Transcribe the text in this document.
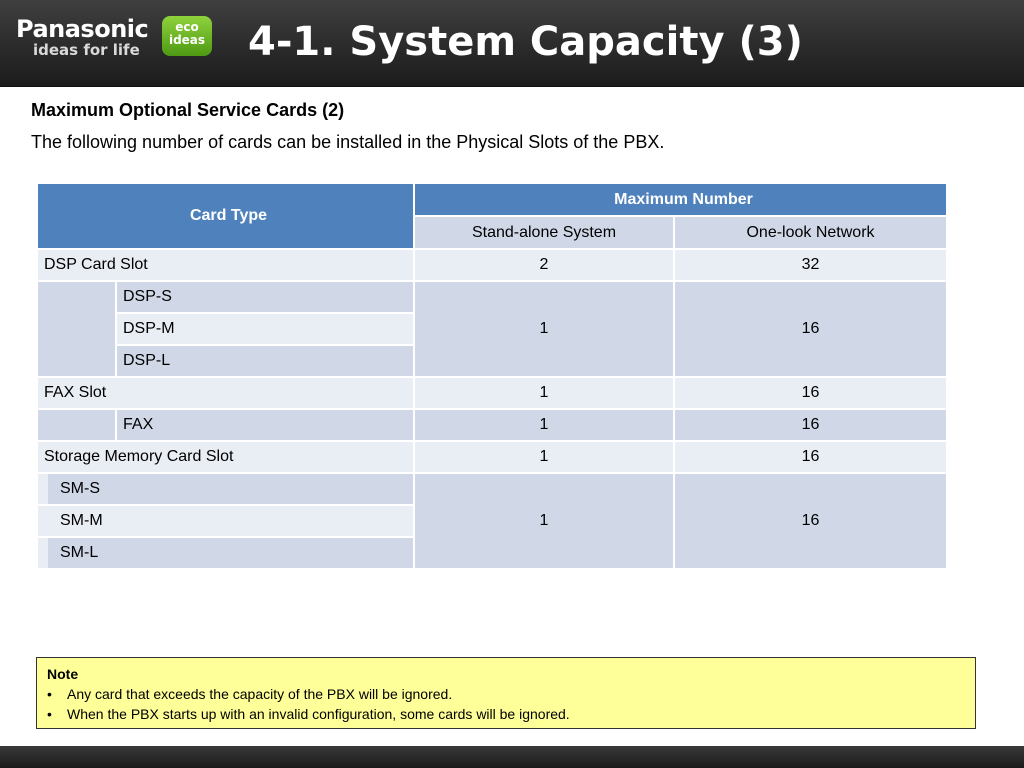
Panasonic
ideas for life
eco
ideas 4-1. System Capacity (3)
Maximum Optional Service Cards (2)
The following number of cards can be installed in the Physical Slots of the PBX.
Card Type		Maximum Number	
		Stand-alone System	One-look Network
DSP Card Slot		2	32
	DSP-S	1	16
	DSP-M		
	DSP-L		
FAX Slot		1	16
	FAX	1	16
Storage Memory Card Slot		1	16

SM-S		1	16

SM-M			

SM-L			
Note
• Any card that exceeds the capacity of the PBX will be ignored.
• When the PBX starts up with an invalid configuration, some cards will be ignored.
